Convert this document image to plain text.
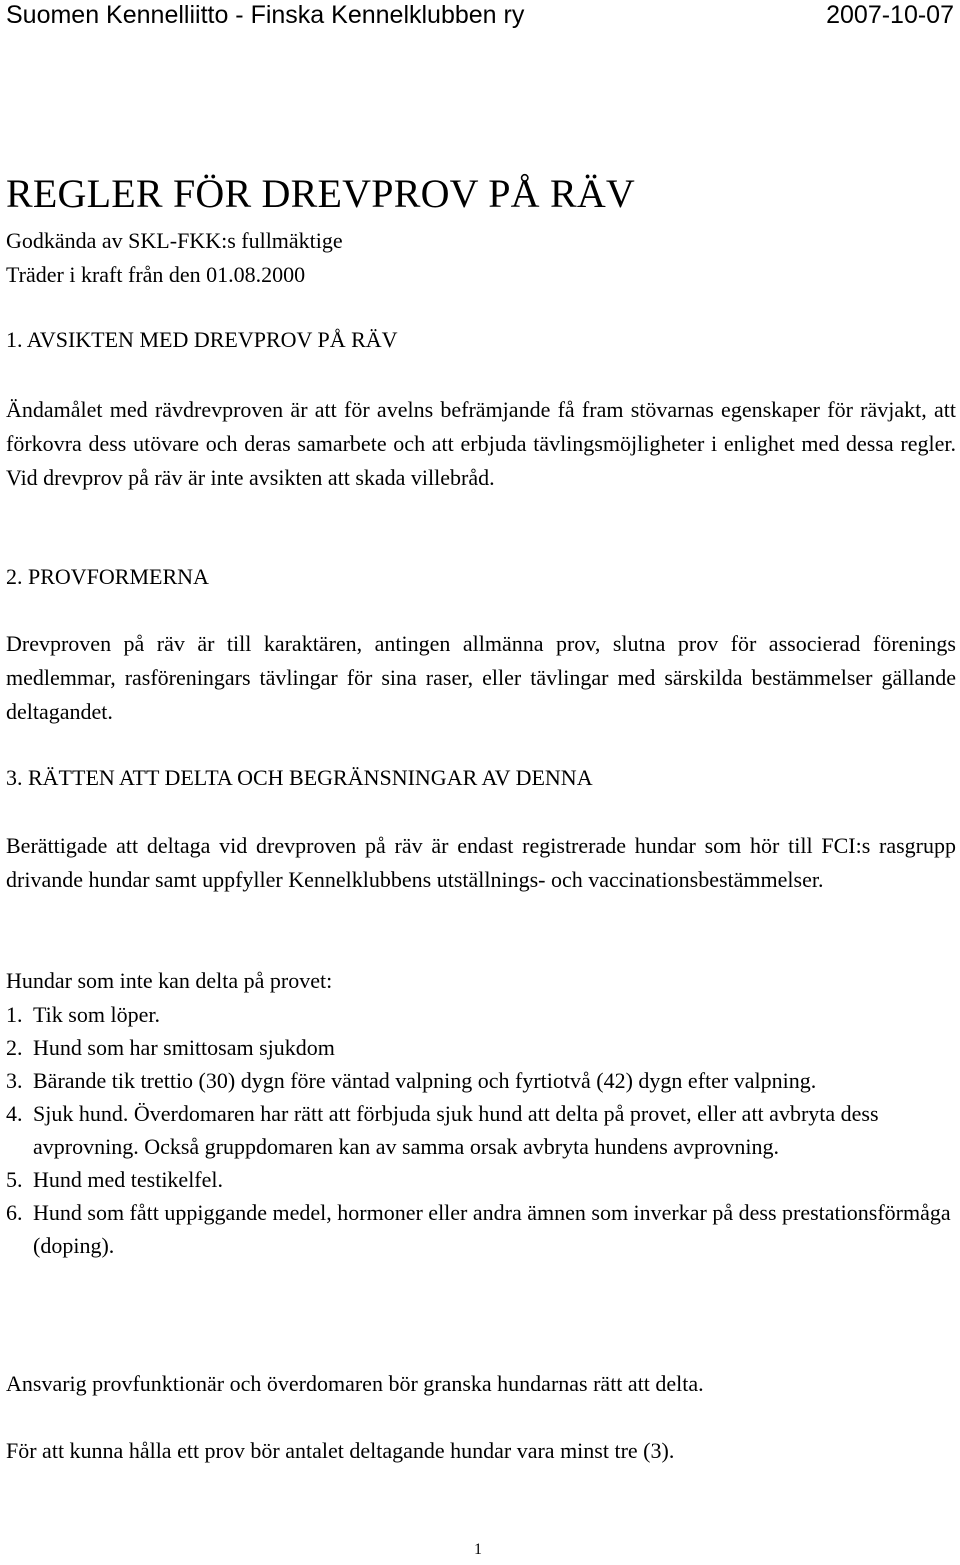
Suomen Kennelliitto - Finska Kennelklubben ry	2007-10-07
REGLER FÖR DREVPROV PÅ RÄV
Godkända av SKL-FKK:s fullmäktige
Träder i kraft från den 01.08.2000
1. AVSIKTEN MED DREVPROV PÅ RÄV

Ändamålet med rävdrevproven är att för avelns befrämjande få fram stövarnas egenskaper för rävjakt, att förkovra dess utövare och deras samarbete och att erbjuda tävlingsmöjligheter i enlighet med dessa regler. Vid drevprov på räv är inte avsikten att skada villebråd.

2. PROVFORMERNA

Drevproven på räv är till karaktären, antingen allmänna prov, slutna prov för associerad förenings medlemmar, rasföreningars tävlingar för sina raser, eller tävlingar med särskilda bestämmelser gällande deltagandet.

3. RÄTTEN ATT DELTA OCH BEGRÄNSNINGAR AV DENNA

Berättigade att deltaga vid drevproven på räv är endast registrerade hundar som hör till FCI:s rasgrupp drivande hundar samt uppfyller Kennelklubbens utställnings- och vaccinationsbestämmelser.

Hundar som inte kan delta på provet:
1. Tik som löper.
2. Hund som har smittosam sjukdom
3. Bärande tik trettio (30) dygn före väntad valpning och fyrtiotvå (42) dygn efter valpning.
4. Sjuk hund. Överdomaren har rätt att förbjuda sjuk hund att delta på provet, eller att avbryta dess avprovning. Också gruppdomaren kan av samma orsak avbryta hundens avprovning.
5. Hund med testikelfel.
6. Hund som fått uppiggande medel, hormoner eller andra ämnen som inverkar på dess prestationsförmåga (doping).
Ansvarig provfunktionär och överdomaren bör granska hundarnas rätt att delta.
För att kunna hålla ett prov bör antalet deltagande hundar vara minst tre (3).
1
